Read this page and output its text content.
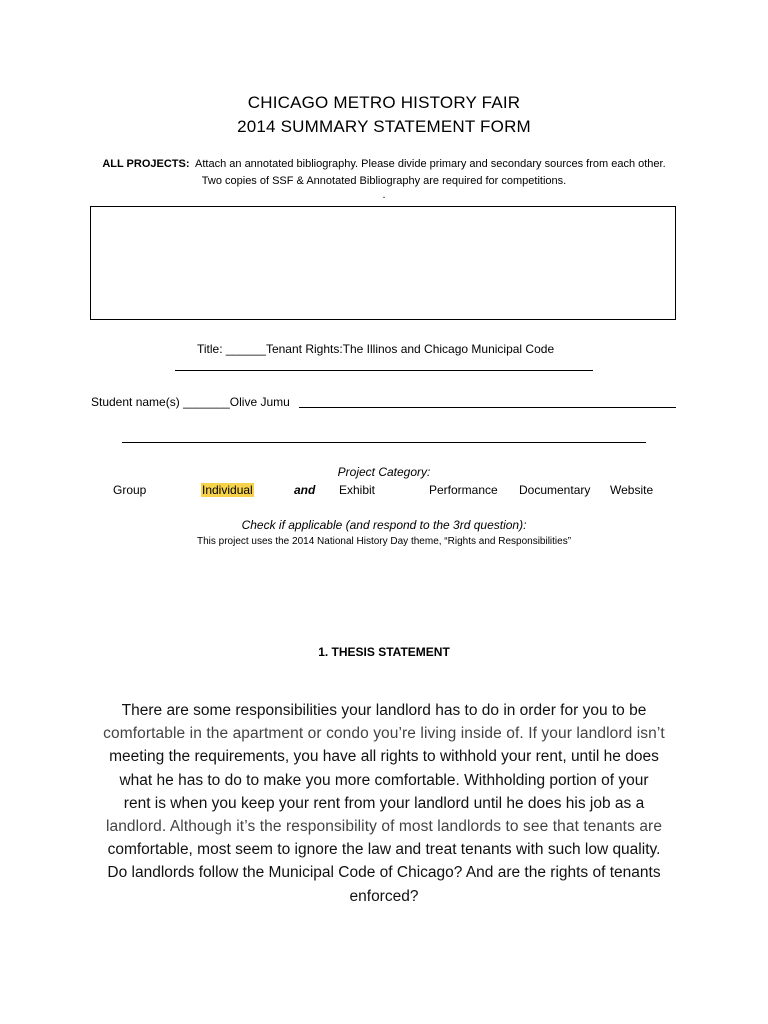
CHICAGO METRO HISTORY FAIR
2014 SUMMARY STATEMENT FORM
ALL PROJECTS: Attach an annotated bibliography. Please divide primary and secondary sources from each other.
Two copies of SSF & Annotated Bibliography are required for competitions.
.
Title: ______Tenant Rights:The Illinos and Chicago Municipal Code
Student name(s) _______Olive Jumu
Project Category:
Group	Individual	and Exhibit	Performance Documentary Website
Check if applicable (and respond to the 3rd question):
This project uses the 2014 National History Day theme, “Rights and Responsibilities”
1. THESIS STATEMENT
There are some responsibilities your landlord has to do in order for you to be
comfortable in the apartment or condo you’re living inside of. If your landlord isn’t
meeting the requirements, you have all rights to withhold your rent, until he does
what he has to do to make you more comfortable. Withholding portion of your
rent is when you keep your rent from your landlord until he does his job as a
landlord. Although it’s the responsibility of most landlords to see that tenants are
comfortable, most seem to ignore the law and treat tenants with such low quality.
Do landlords follow the Municipal Code of Chicago? And are the rights of tenants
enforced?
